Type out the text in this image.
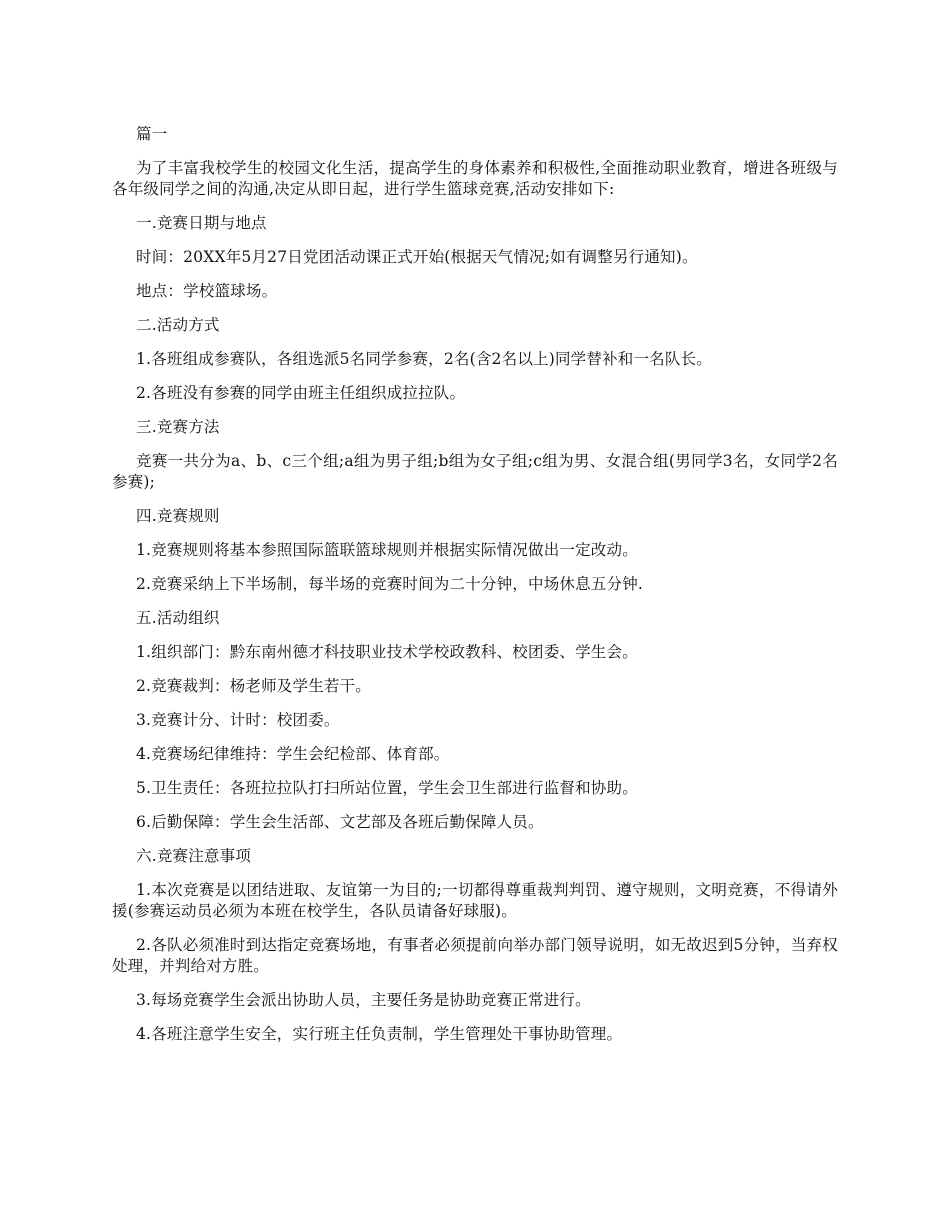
篇一

为了丰富我校学生的校园文化生活，提高学生的身体素养和积极性,全面推动职业教育，增进各班级与各年级同学之间的沟通,决定从即日起，进行学生篮球竞赛,活动安排如下:

一.竞赛日期与地点

时间：20XX年5月27日党团活动课正式开始(根据天气情况;如有调整另行通知)。

地点：学校篮球场。

二.活动方式

1.各班组成参赛队，各组选派5名同学参赛，2名(含2名以上)同学替补和一名队长。

2.各班没有参赛的同学由班主任组织成拉拉队。

三.竞赛方法

竞赛一共分为a、b、c三个组;a组为男子组;b组为女子组;c组为男、女混合组(男同学3名，女同学2名参赛);

四.竞赛规则

1.竞赛规则将基本参照国际篮联篮球规则并根据实际情况做出一定改动。

2.竞赛采纳上下半场制，每半场的竞赛时间为二十分钟，中场休息五分钟.

五.活动组织

1.组织部门：黔东南州德才科技职业技术学校政教科、校团委、学生会。

2.竞赛裁判：杨老师及学生若干。

3.竞赛计分、计时：校团委。

4.竞赛场纪律维持：学生会纪检部、体育部。

5.卫生责任：各班拉拉队打扫所站位置，学生会卫生部进行监督和协助。

6.后勤保障：学生会生活部、文艺部及各班后勤保障人员。

六.竞赛注意事项

1.本次竞赛是以团结进取、友谊第一为目的;一切都得尊重裁判判罚、遵守规则，文明竞赛，不得请外援(参赛运动员必须为本班在校学生，各队员请备好球服)。

2.各队必须准时到达指定竞赛场地，有事者必须提前向举办部门领导说明，如无故迟到5分钟，当弃权处理，并判给对方胜。

3.每场竞赛学生会派出协助人员，主要任务是协助竞赛正常进行。

4.各班注意学生安全，实行班主任负责制，学生管理处干事协助管理。
